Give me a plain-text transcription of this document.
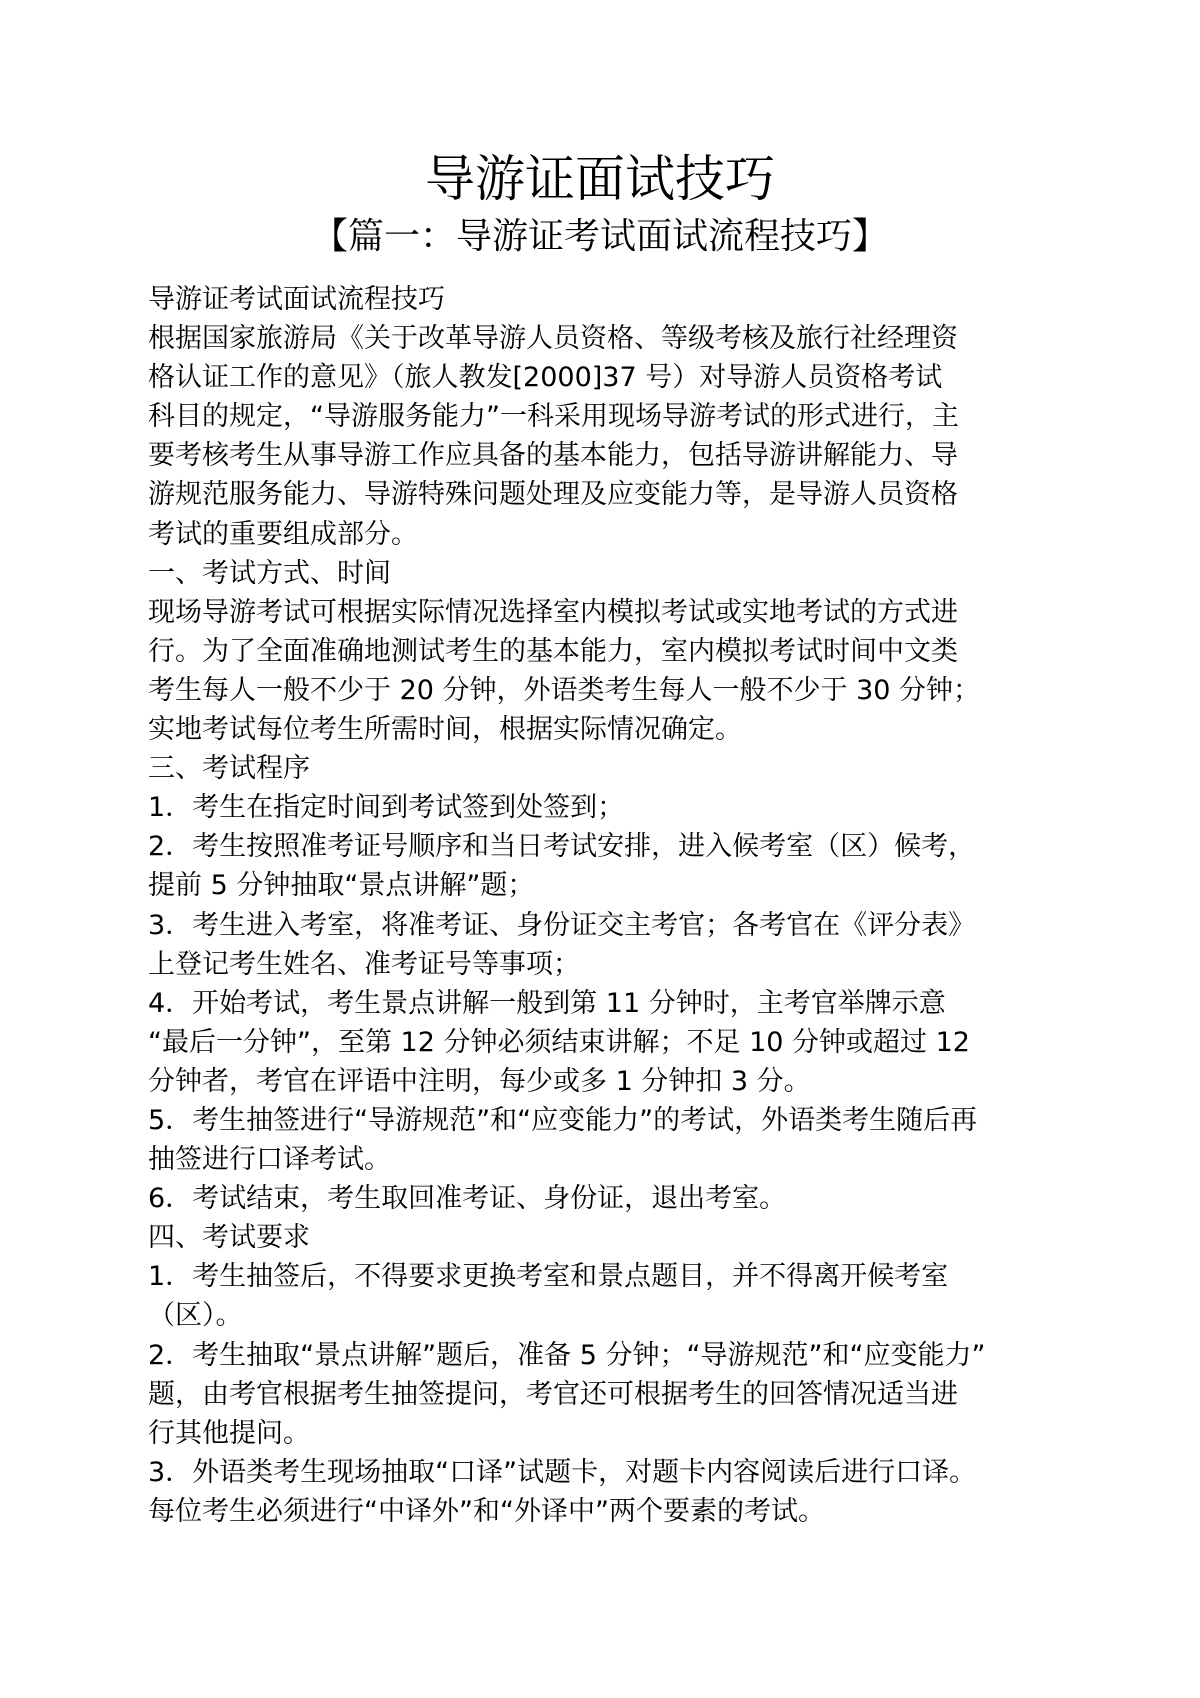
导游证面试技巧
【篇一：导游证考试面试流程技巧】
导游证考试面试流程技巧
根据国家旅游局《关于改革导游人员资格、等级考核及旅行社经理资
格认证工作的意见》（旅人教发[2000]37 号）对导游人员资格考试
科目的规定，“导游服务能力”一科采用现场导游考试的形式进行，主
要考核考生从事导游工作应具备的基本能力，包括导游讲解能力、导
游规范服务能力、导游特殊问题处理及应变能力等，是导游人员资格
考试的重要组成部分。
一、考试方式、时间
现场导游考试可根据实际情况选择室内模拟考试或实地考试的方式进
行。为了全面准确地测试考生的基本能力，室内模拟考试时间中文类
考生每人一般不少于 20 分钟，外语类考生每人一般不少于 30 分钟；
实地考试每位考生所需时间，根据实际情况确定。
三、考试程序
1．考生在指定时间到考试签到处签到；
2．考生按照准考证号顺序和当日考试安排，进入候考室（区）候考，
提前 5 分钟抽取“景点讲解”题；
3．考生进入考室，将准考证、身份证交主考官；各考官在《评分表》
上登记考生姓名、准考证号等事项；
4．开始考试，考生景点讲解一般到第 11 分钟时，主考官举牌示意
“最后一分钟”，至第 12 分钟必须结束讲解；不足 10 分钟或超过 12
分钟者，考官在评语中注明，每少或多 1 分钟扣 3 分。
5．考生抽签进行“导游规范”和“应变能力”的考试，外语类考生随后再
抽签进行口译考试。
6．考试结束，考生取回准考证、身份证，退出考室。
四、考试要求
1．考生抽签后，不得要求更换考室和景点题目，并不得离开候考室
（区）。
2．考生抽取“景点讲解”题后，准备 5 分钟；“导游规范”和“应变能力”
题，由考官根据考生抽签提问，考官还可根据考生的回答情况适当进
行其他提问。
3．外语类考生现场抽取“口译”试题卡，对题卡内容阅读后进行口译。
每位考生必须进行“中译外”和“外译中”两个要素的考试。
